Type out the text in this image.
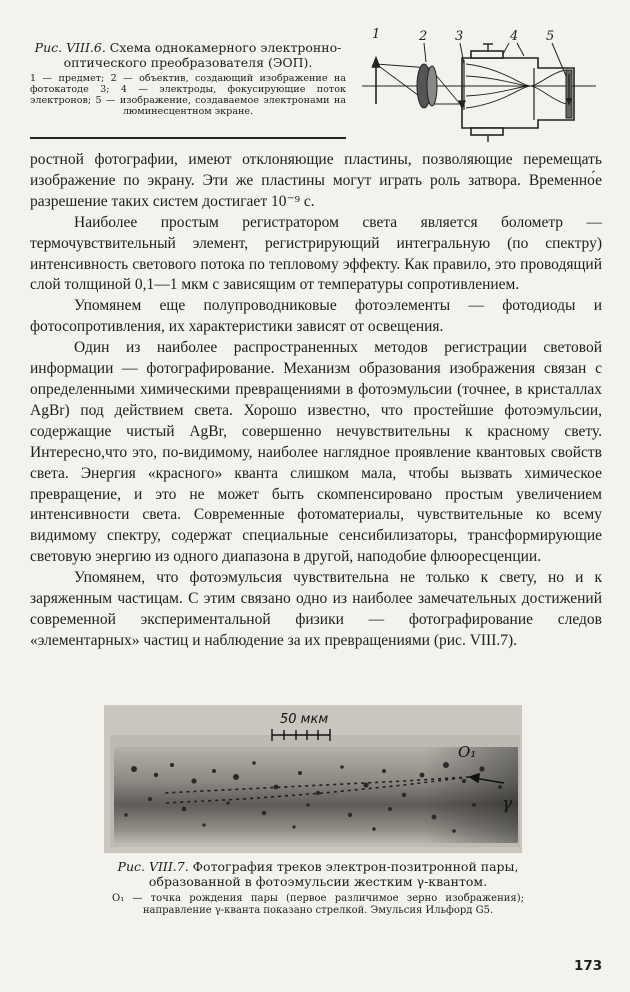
Рис. VIII.6. Схема однокамерного электронно-оптического преобразователя (ЭОП).

1 — предмет; 2 — объектив, создающий изображение на фотокатоде 3; 4 — электроды, фокусирующие поток электронов; 5 — изображение, создаваемое электронами на люминесцентном экране.

1	2 3	4 5

ростной фотографии, имеют отклоняющие пластины, позволяющие перемещать изображение по экрану. Эти же пластины могут играть роль затвора. Временно́е разрешение таких систем достигает 10⁻⁹ с.

Наиболее простым регистратором света является болометр — термочувствительный элемент, регистрирующий интегральную (по спектру) интенсивность светового потока по тепловому эффекту. Как правило, это проводящий слой толщиной 0,1—1 мкм с зависящим от температуры сопротивлением.

Упомянем еще полупроводниковые фотоэлементы — фотодиоды и фотосопротивления, их характеристики зависят от освещения.

Один из наиболее распространенных методов регистрации световой информации — фотографирование. Механизм образования изображения связан с определенными химическими превращениями в фотоэмульсии (точнее, в кристаллах AgBr) под действием света. Хорошо известно, что простейшие фотоэмульсии, содержащие чистый AgBr, совершенно нечувствительны к красному свету. Интересно,что это, по-видимому, наиболее наглядное проявление квантовых свойств света. Энергия «красного» кванта слишком мала, чтобы вызвать химическое превращение, и это не может быть скомпенсировано простым увеличением интенсивности света. Современные фотоматериалы, чувствительные ко всему видимому спектру, содержат специальные сенсибилизаторы, трансформирующие световую энергию из одного диапазона в другой, наподобие флюоресценции.

Упомянем, что фотоэмульсия чувствительна не только к свету, но и к заряженным частицам. С этим связано одно из наиболее замечательных достижений современной экспериментальной физики — фотографирование следов «элементарных» частиц и наблюдение за их превращениями (рис. VIII.7).

50 мкм
O₁
γ

Рис. VIII.7. Фотография треков электрон-позитронной пары, образованной в фотоэмульсии жестким γ-квантом.

O₁ — точка рождения пары (первое различимое зерно изображения); направление γ-кванта показано стрелкой. Эмульсия Ильфорд G5.

173
